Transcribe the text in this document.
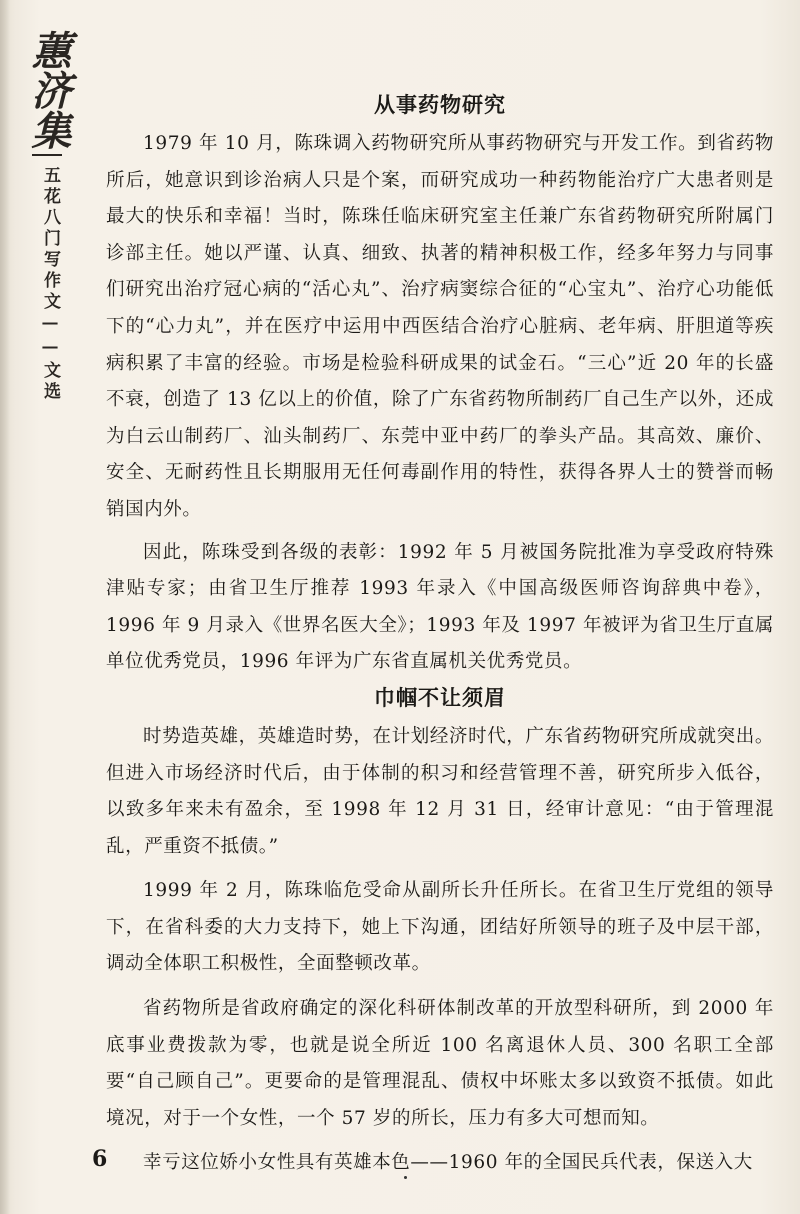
蕙济集
五花八门写作文——文选
从事药物研究

1979 年 10 月，陈珠调入药物研究所从事药物研究与开发工作。到省药物所后，她意识到诊治病人只是个案，而研究成功一种药物能治疗广大患者则是最大的快乐和幸福！当时，陈珠任临床研究室主任兼广东省药物研究所附属门诊部主任。她以严谨、认真、细致、执著的精神积极工作，经多年努力与同事们研究出治疗冠心病的“活心丸”、治疗病窦综合征的“心宝丸”、治疗心功能低下的“心力丸”，并在医疗中运用中西医结合治疗心脏病、老年病、肝胆道等疾病积累了丰富的经验。市场是检验科研成果的试金石。“三心”近 20 年的长盛不衰，创造了 13 亿以上的价值，除了广东省药物所制药厂自己生产以外，还成为白云山制药厂、汕头制药厂、东莞中亚中药厂的拳头产品。其高效、廉价、安全、无耐药性且长期服用无任何毒副作用的特性，获得各界人士的赞誉而畅销国内外。

因此，陈珠受到各级的表彰：1992 年 5 月被国务院批准为享受政府特殊津贴专家；由省卫生厅推荐 1993 年录入《中国高级医师咨询辞典中卷》，1996 年 9 月录入《世界名医大全》；1993 年及 1997 年被评为省卫生厅直属单位优秀党员，1996 年评为广东省直属机关优秀党员。

巾帼不让须眉

时势造英雄，英雄造时势，在计划经济时代，广东省药物研究所成就突出。但进入市场经济时代后，由于体制的积习和经营管理不善，研究所步入低谷，以致多年来未有盈余，至 1998 年 12 月 31 日，经审计意见：“由于管理混乱，严重资不抵债。”

1999 年 2 月，陈珠临危受命从副所长升任所长。在省卫生厅党组的领导下，在省科委的大力支持下，她上下沟通，团结好所领导的班子及中层干部，调动全体职工积极性，全面整顿改革。

省药物所是省政府确定的深化科研体制改革的开放型科研所，到 2000 年底事业费拨款为零，也就是说全所近 100 名离退休人员、300 名职工全部要“自己顾自己”。更要命的是管理混乱、债权中坏账太多以致资不抵债。如此境况，对于一个女性，一个 57 岁的所长，压力有多大可想而知。

幸亏这位娇小女性具有英雄本色——1960 年的全国民兵代表，保送入大

6
